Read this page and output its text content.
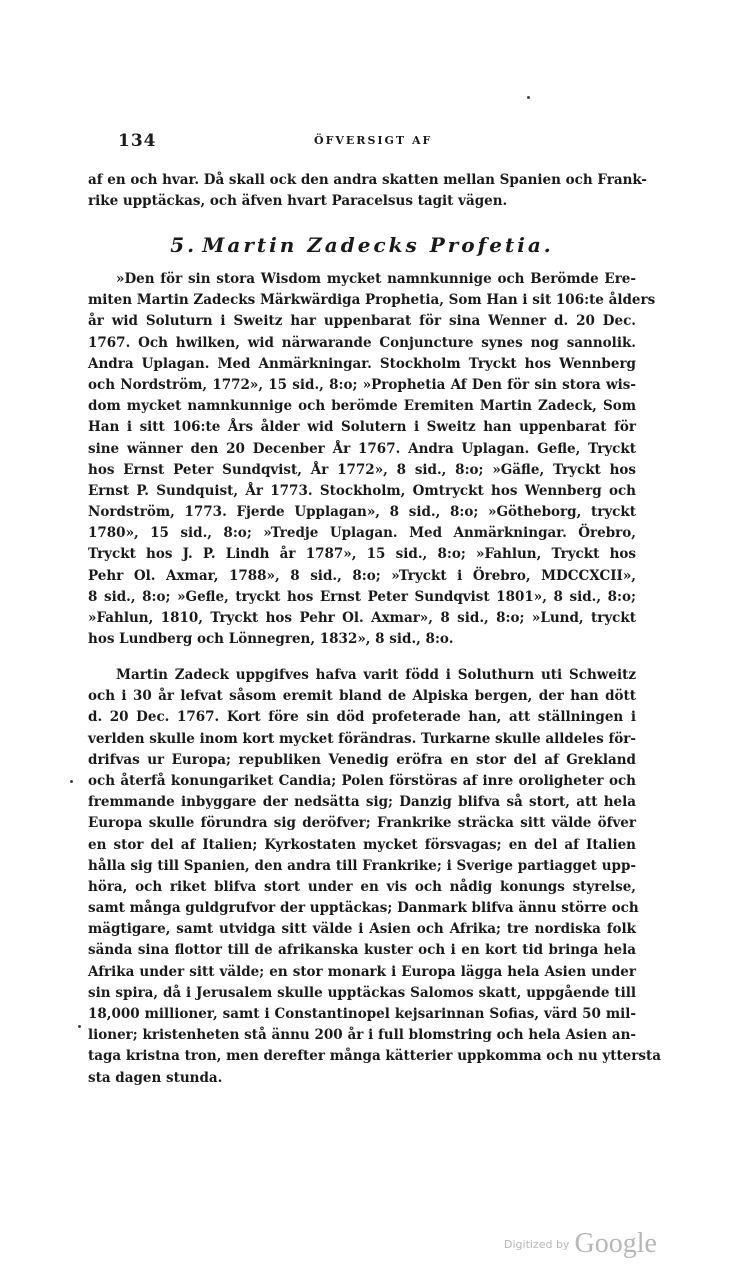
134	ÖFVERSIGT AF
af en och hvar. Då skall ock den andra skatten mellan Spanien och Frank-
rike upptäckas, och äfven hvart Paracelsus tagit vägen.
5. Martin Zadecks Profetia.
»Den för sin stora Wisdom mycket namnkunnige och Berömde Ere-
miten Martin Zadecks Märkwärdiga Prophetia, Som Han i sit 106:te ålders
år wid Soluturn i Sweitz har uppenbarat för sina Wenner d. 20 Dec.
1767. Och hwilken, wid närwarande Conjuncture synes nog sannolik.
Andra Uplagan. Med Anmärkningar. Stockholm Tryckt hos Wennberg
och Nordström, 1772», 15 sid., 8:o; »Prophetia Af Den för sin stora wis-
dom mycket namnkunnige och berömde Eremiten Martin Zadeck, Som
Han i sitt 106:te Års ålder wid Solutern i Sweitz han uppenbarat för
sine wänner den 20 Decenber År 1767. Andra Uplagan. Gefle, Tryckt
hos Ernst Peter Sundqvist, År 1772», 8 sid., 8:o; »Gäfle, Tryckt hos
Ernst P. Sundquist, År 1773. Stockholm, Omtryckt hos Wennberg och
Nordström, 1773. Fjerde Upplagan», 8 sid., 8:o; »Götheborg, tryckt
1780», 15 sid., 8:o; »Tredje Uplagan. Med Anmärkningar. Örebro,
Tryckt hos J. P. Lindh år 1787», 15 sid., 8:o; »Fahlun, Tryckt hos
Pehr Ol. Axmar, 1788», 8 sid., 8:o; »Tryckt i Örebro, MDCCXCII»,
8 sid., 8:o; »Gefle, tryckt hos Ernst Peter Sundqvist 1801», 8 sid., 8:o;
»Fahlun, 1810, Tryckt hos Pehr Ol. Axmar», 8 sid., 8:o; »Lund, tryckt
hos Lundberg och Lönnegren, 1832», 8 sid., 8:o.
Martin Zadeck uppgifves hafva varit född i Soluthurn uti Schweitz
och i 30 år lefvat såsom eremit bland de Alpiska bergen, der han dött
d. 20 Dec. 1767. Kort före sin död profeterade han, att ställningen i
verlden skulle inom kort mycket förändras. Turkarne skulle alldeles för-
drifvas ur Europa; republiken Venedig eröfra en stor del af Grekland
och återfå konungariket Candia; Polen förstöras af inre oroligheter och
fremmande inbyggare der nedsätta sig; Danzig blifva så stort, att hela
Europa skulle förundra sig deröfver; Frankrike sträcka sitt välde öfver
en stor del af Italien; Kyrkostaten mycket försvagas; en del af Italien
hålla sig till Spanien, den andra till Frankrike; i Sverige partiagget upp-
höra, och riket blifva stort under en vis och nådig konungs styrelse,
samt många guldgrufvor der upptäckas; Danmark blifva ännu större och
mägtigare, samt utvidga sitt välde i Asien och Afrika; tre nordiska folk
sända sina flottor till de afrikanska kuster och i en kort tid bringa hela
Afrika under sitt välde; en stor monark i Europa lägga hela Asien under
sin spira, då i Jerusalem skulle upptäckas Salomos skatt, uppgående till
18,000 millioner, samt i Constantinopel kejsarinnan Sofias, värd 50 mil-
lioner; kristenheten stå ännu 200 år i full blomstring och hela Asien an-
taga kristna tron, men derefter många kätterier uppkomma och nu yttersta
sta dagen stunda.
$^{Digitized by}$ Google
